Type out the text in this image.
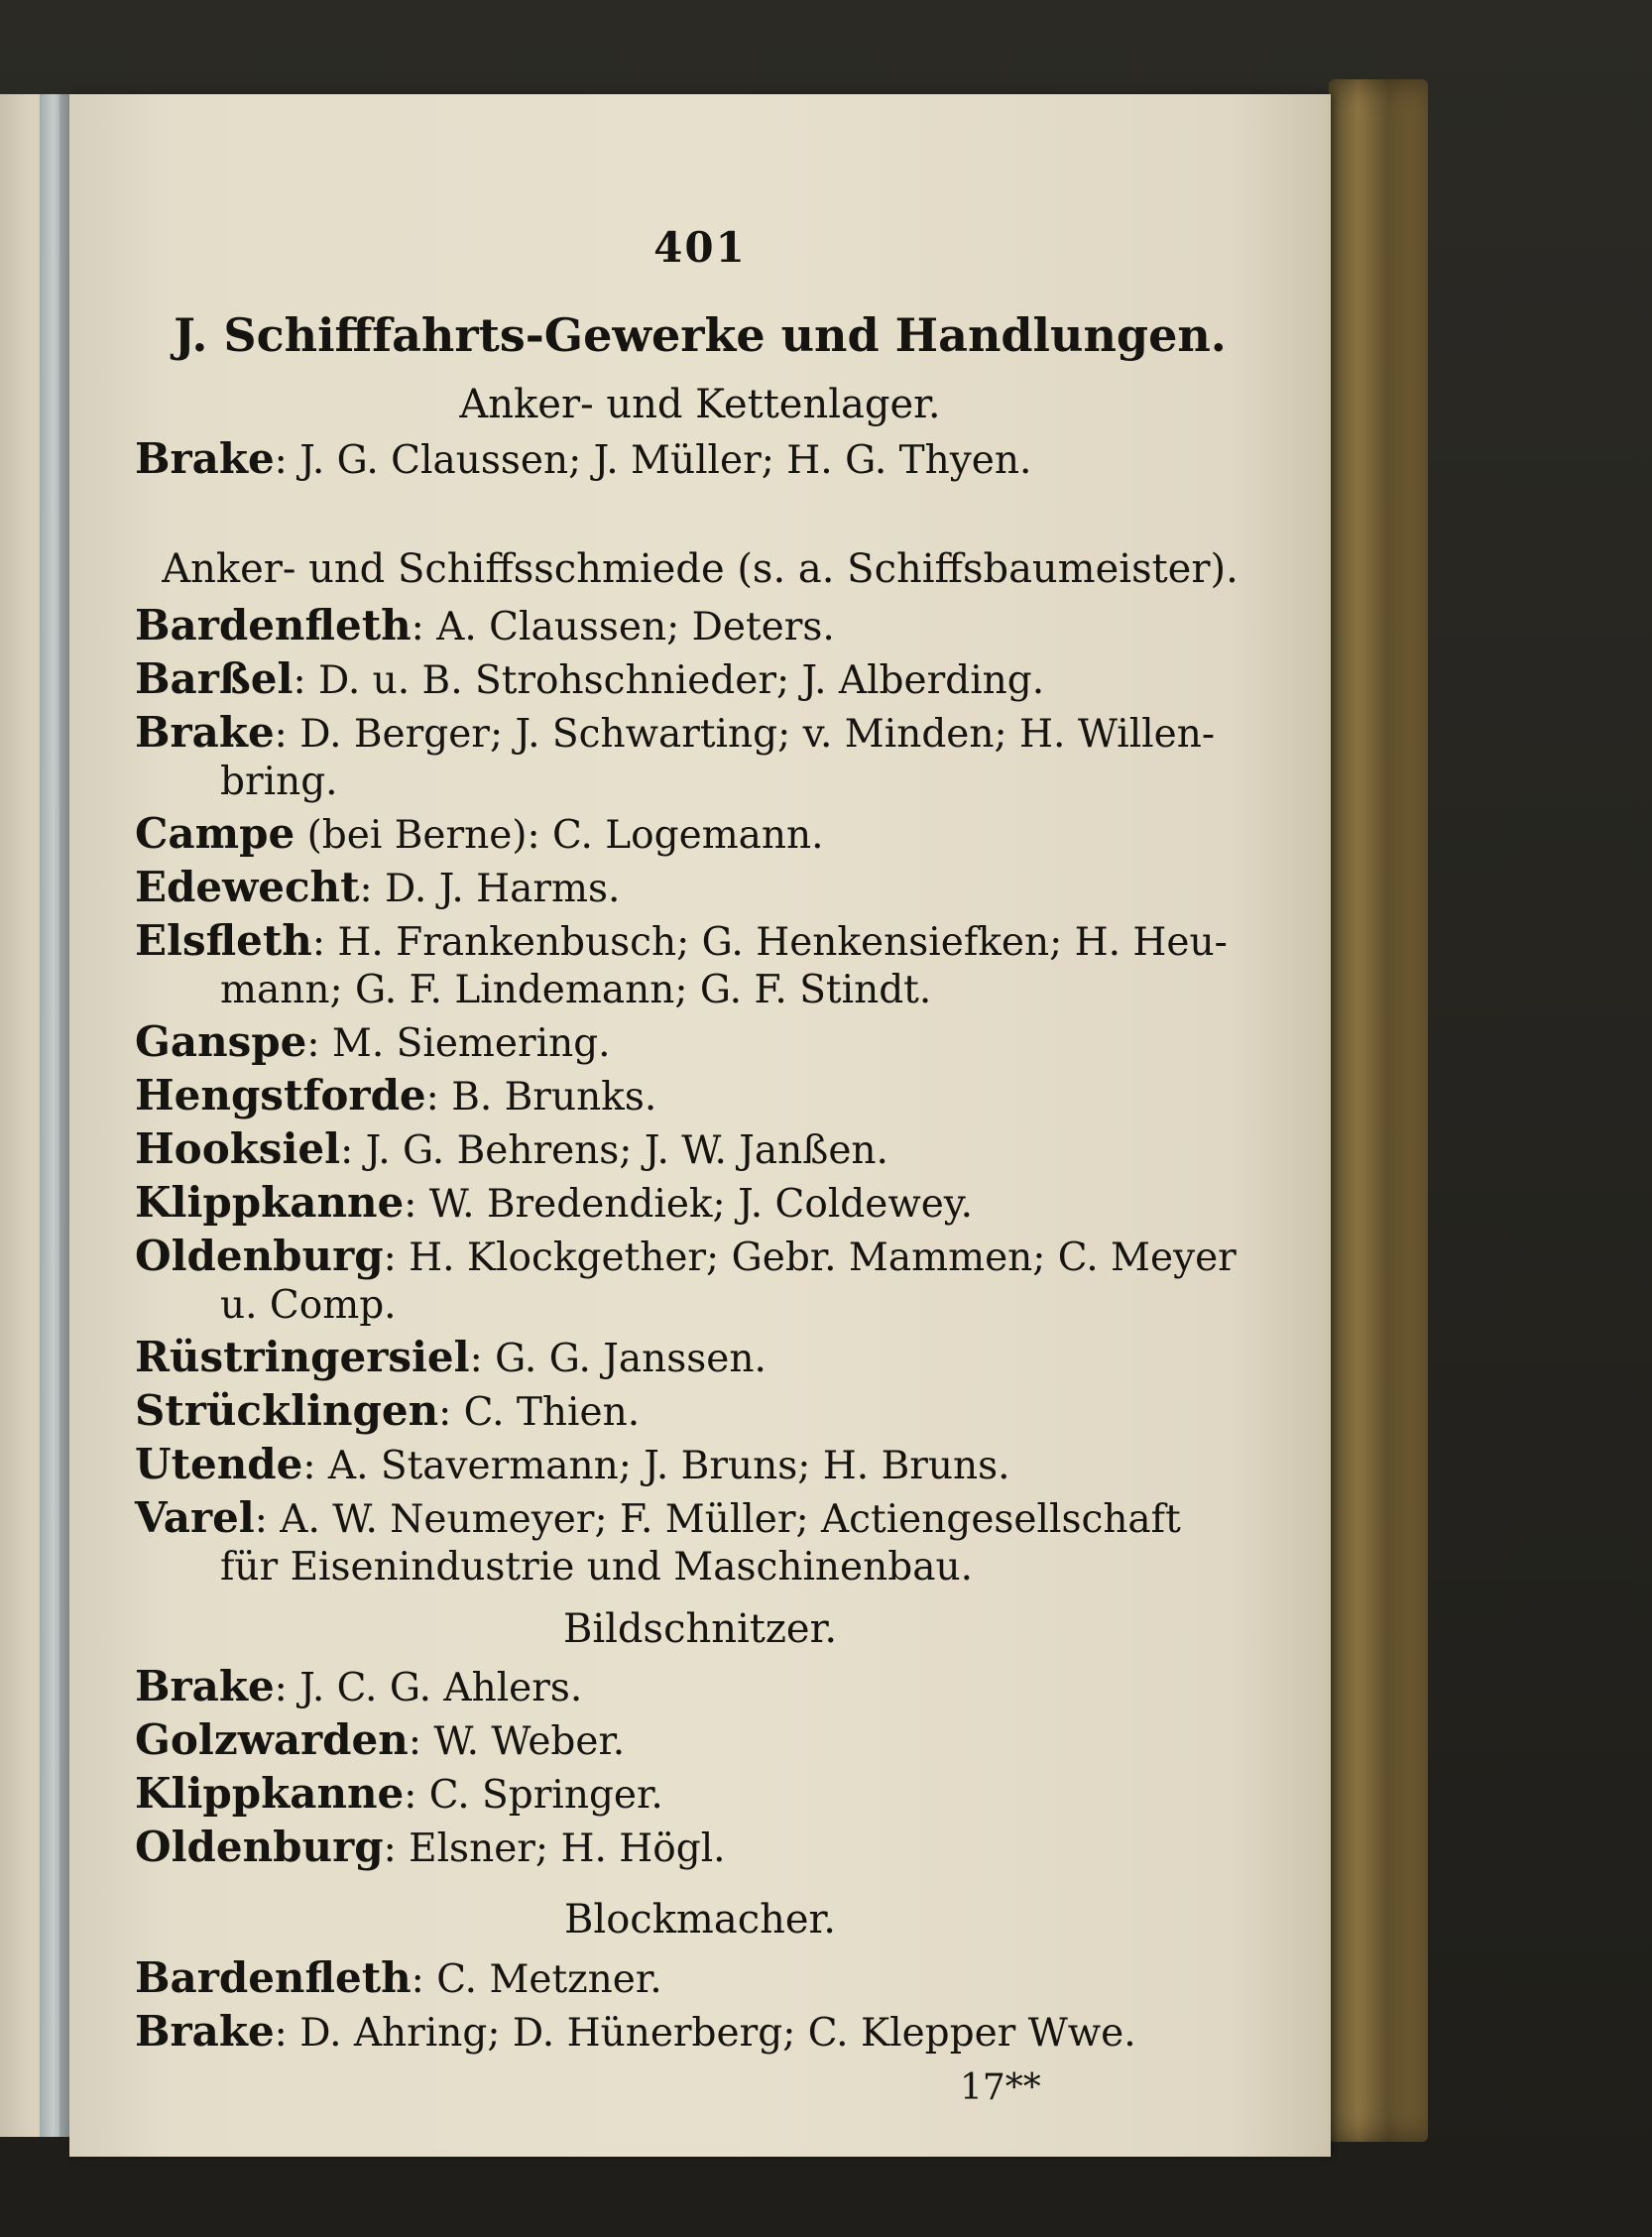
401
J. Schifffahrts-Gewerke und Handlungen.
Anker- und Kettenlager.
Brake: J. G. Claussen; J. Müller; H. G. Thyen.
Anker- und Schiffsschmiede (s. a. Schiffsbaumeister).
Bardenfleth: A. Claussen; Deters.
Barßel: D. u. B. Strohschnieder; J. Alberding.
Brake: D. Berger; J. Schwarting; v. Minden; H. Willen-
bring.
Campe (bei Berne): C. Logemann.
Edewecht: D. J. Harms.
Elsfleth: H. Frankenbusch; G. Henkensiefken; H. Heu-
mann; G. F. Lindemann; G. F. Stindt.
Ganspe: M. Siemering.
Hengstforde: B. Brunks.
Hooksiel: J. G. Behrens; J. W. Janßen.
Klippkanne: W. Bredendiek; J. Coldewey.
Oldenburg: H. Klockgether; Gebr. Mammen; C. Meyer
u. Comp.
Rüstringersiel: G. G. Janssen.
Strücklingen: C. Thien.
Utende: A. Stavermann; J. Bruns; H. Bruns.
Varel: A. W. Neumeyer; F. Müller; Actiengesellschaft
für Eisenindustrie und Maschinenbau.
Bildschnitzer.
Brake: J. C. G. Ahlers.
Golzwarden: W. Weber.
Klippkanne: C. Springer.
Oldenburg: Elsner; H. Högl.
Blockmacher.
Bardenfleth: C. Metzner.
Brake: D. Ahring; D. Hünerberg; C. Klepper Wwe.
17**
